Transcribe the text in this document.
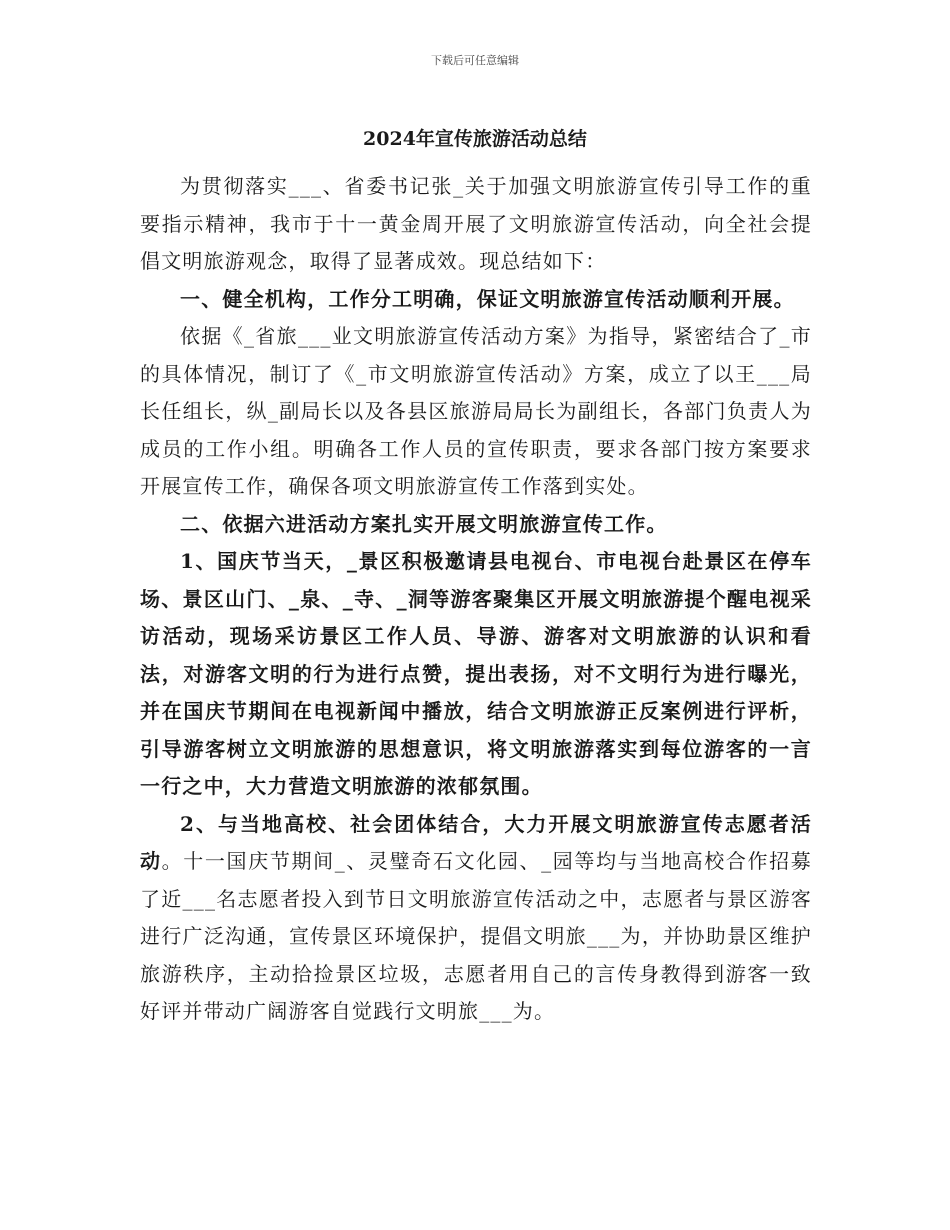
下载后可任意编辑
2024年宣传旅游活动总结

为贯彻落实___、省委书记张_关于加强文明旅游宣传引导工作的重要指示精神，我市于十一黄金周开展了文明旅游宣传活动，向全社会提倡文明旅游观念，取得了显著成效。现总结如下：

一、健全机构，工作分工明确，保证文明旅游宣传活动顺利开展。

依据《_省旅___业文明旅游宣传活动方案》为指导，紧密结合了_市的具体情况，制订了《_市文明旅游宣传活动》方案，成立了以王___局长任组长，纵_副局长以及各县区旅游局局长为副组长，各部门负责人为成员的工作小组。明确各工作人员的宣传职责，要求各部门按方案要求开展宣传工作，确保各项文明旅游宣传工作落到实处。

二、依据六进活动方案扎实开展文明旅游宣传工作。

1、国庆节当天，_景区积极邀请县电视台、市电视台赴景区在停车场、景区山门、_泉、_寺、_洞等游客聚集区开展文明旅游提个醒电视采访活动，现场采访景区工作人员、导游、游客对文明旅游的认识和看法，对游客文明的行为进行点赞，提出表扬，对不文明行为进行曝光，并在国庆节期间在电视新闻中播放，结合文明旅游正反案例进行评析，引导游客树立文明旅游的思想意识，将文明旅游落实到每位游客的一言一行之中，大力营造文明旅游的浓郁氛围。

2、与当地高校、社会团体结合，大力开展文明旅游宣传志愿者活动。十一国庆节期间_、灵璧奇石文化园、_园等均与当地高校合作招募了近___名志愿者投入到节日文明旅游宣传活动之中，志愿者与景区游客进行广泛沟通，宣传景区环境保护，提倡文明旅___为，并协助景区维护旅游秩序，主动拾捡景区垃圾，志愿者用自己的言传身教得到游客一致好评并带动广阔游客自觉践行文明旅___为。
